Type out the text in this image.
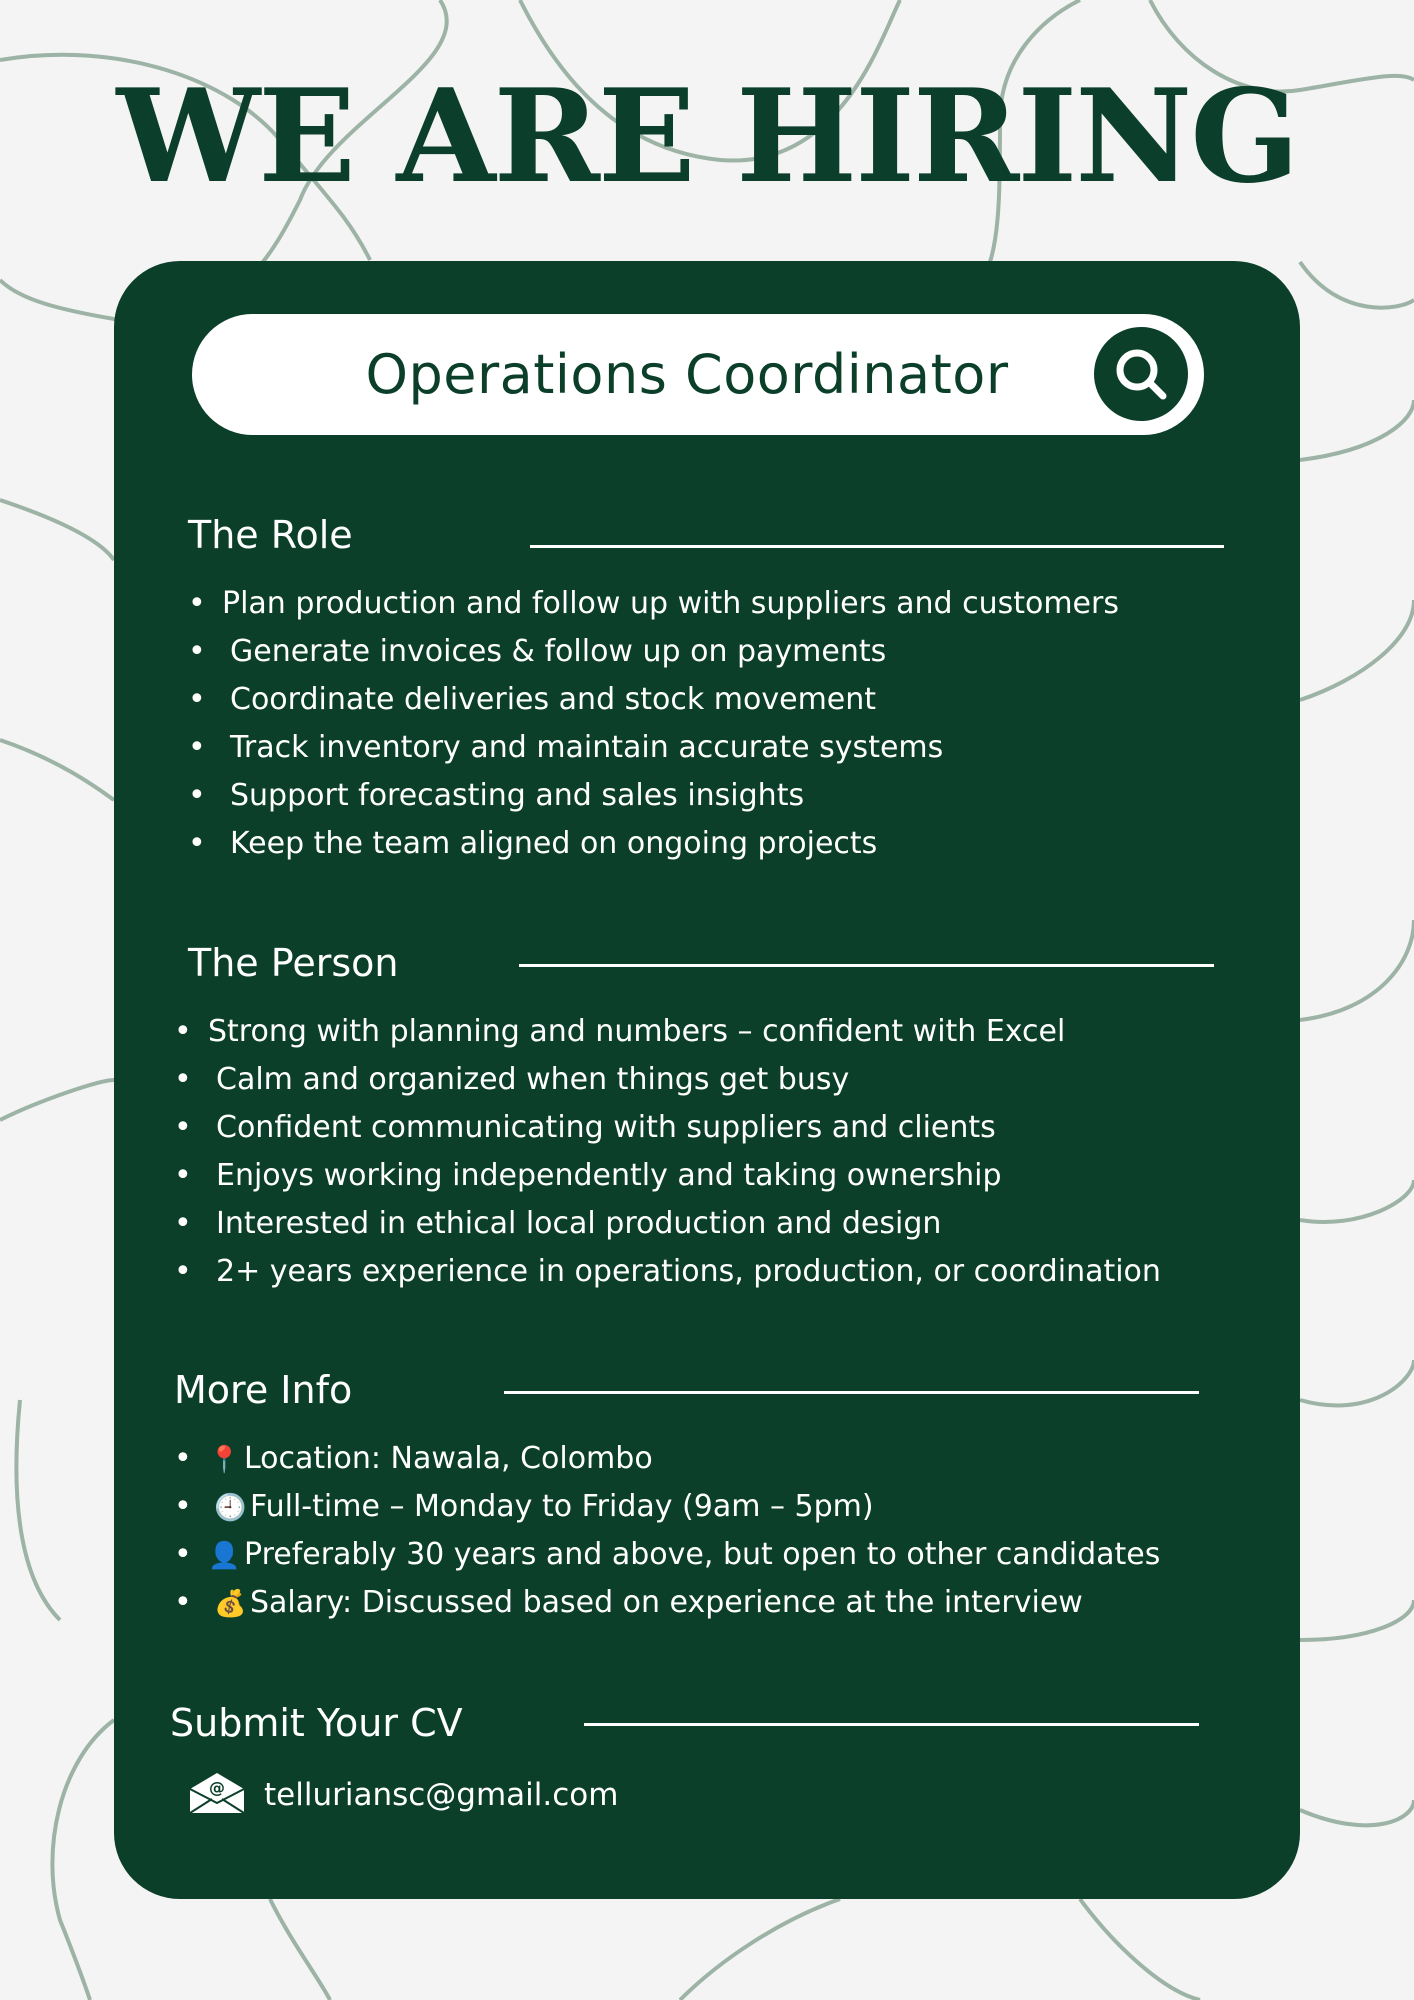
WE ARE HIRING
Operations Coordinator
The Role
• Plan production and follow up with suppliers and customers
• Generate invoices & follow up on payments
• Coordinate deliveries and stock movement
• Track inventory and maintain accurate systems
• Support forecasting and sales insights
• Keep the team aligned on ongoing projects
The Person
• Strong with planning and numbers – confident with Excel
• Calm and organized when things get busy
• Confident communicating with suppliers and clients
• Enjoys working independently and taking ownership
• Interested in ethical local production and design
• 2+ years experience in operations, production, or coordination
More Info
• 📍 Location: Nawala, Colombo
• 🕘 Full-time – Monday to Friday (9am – 5pm)
• 👤 Preferably 30 years and above, but open to other candidates
• 💰 Salary: Discussed based on experience at the interview
Submit Your CV
@ telluriansc@gmail.com
